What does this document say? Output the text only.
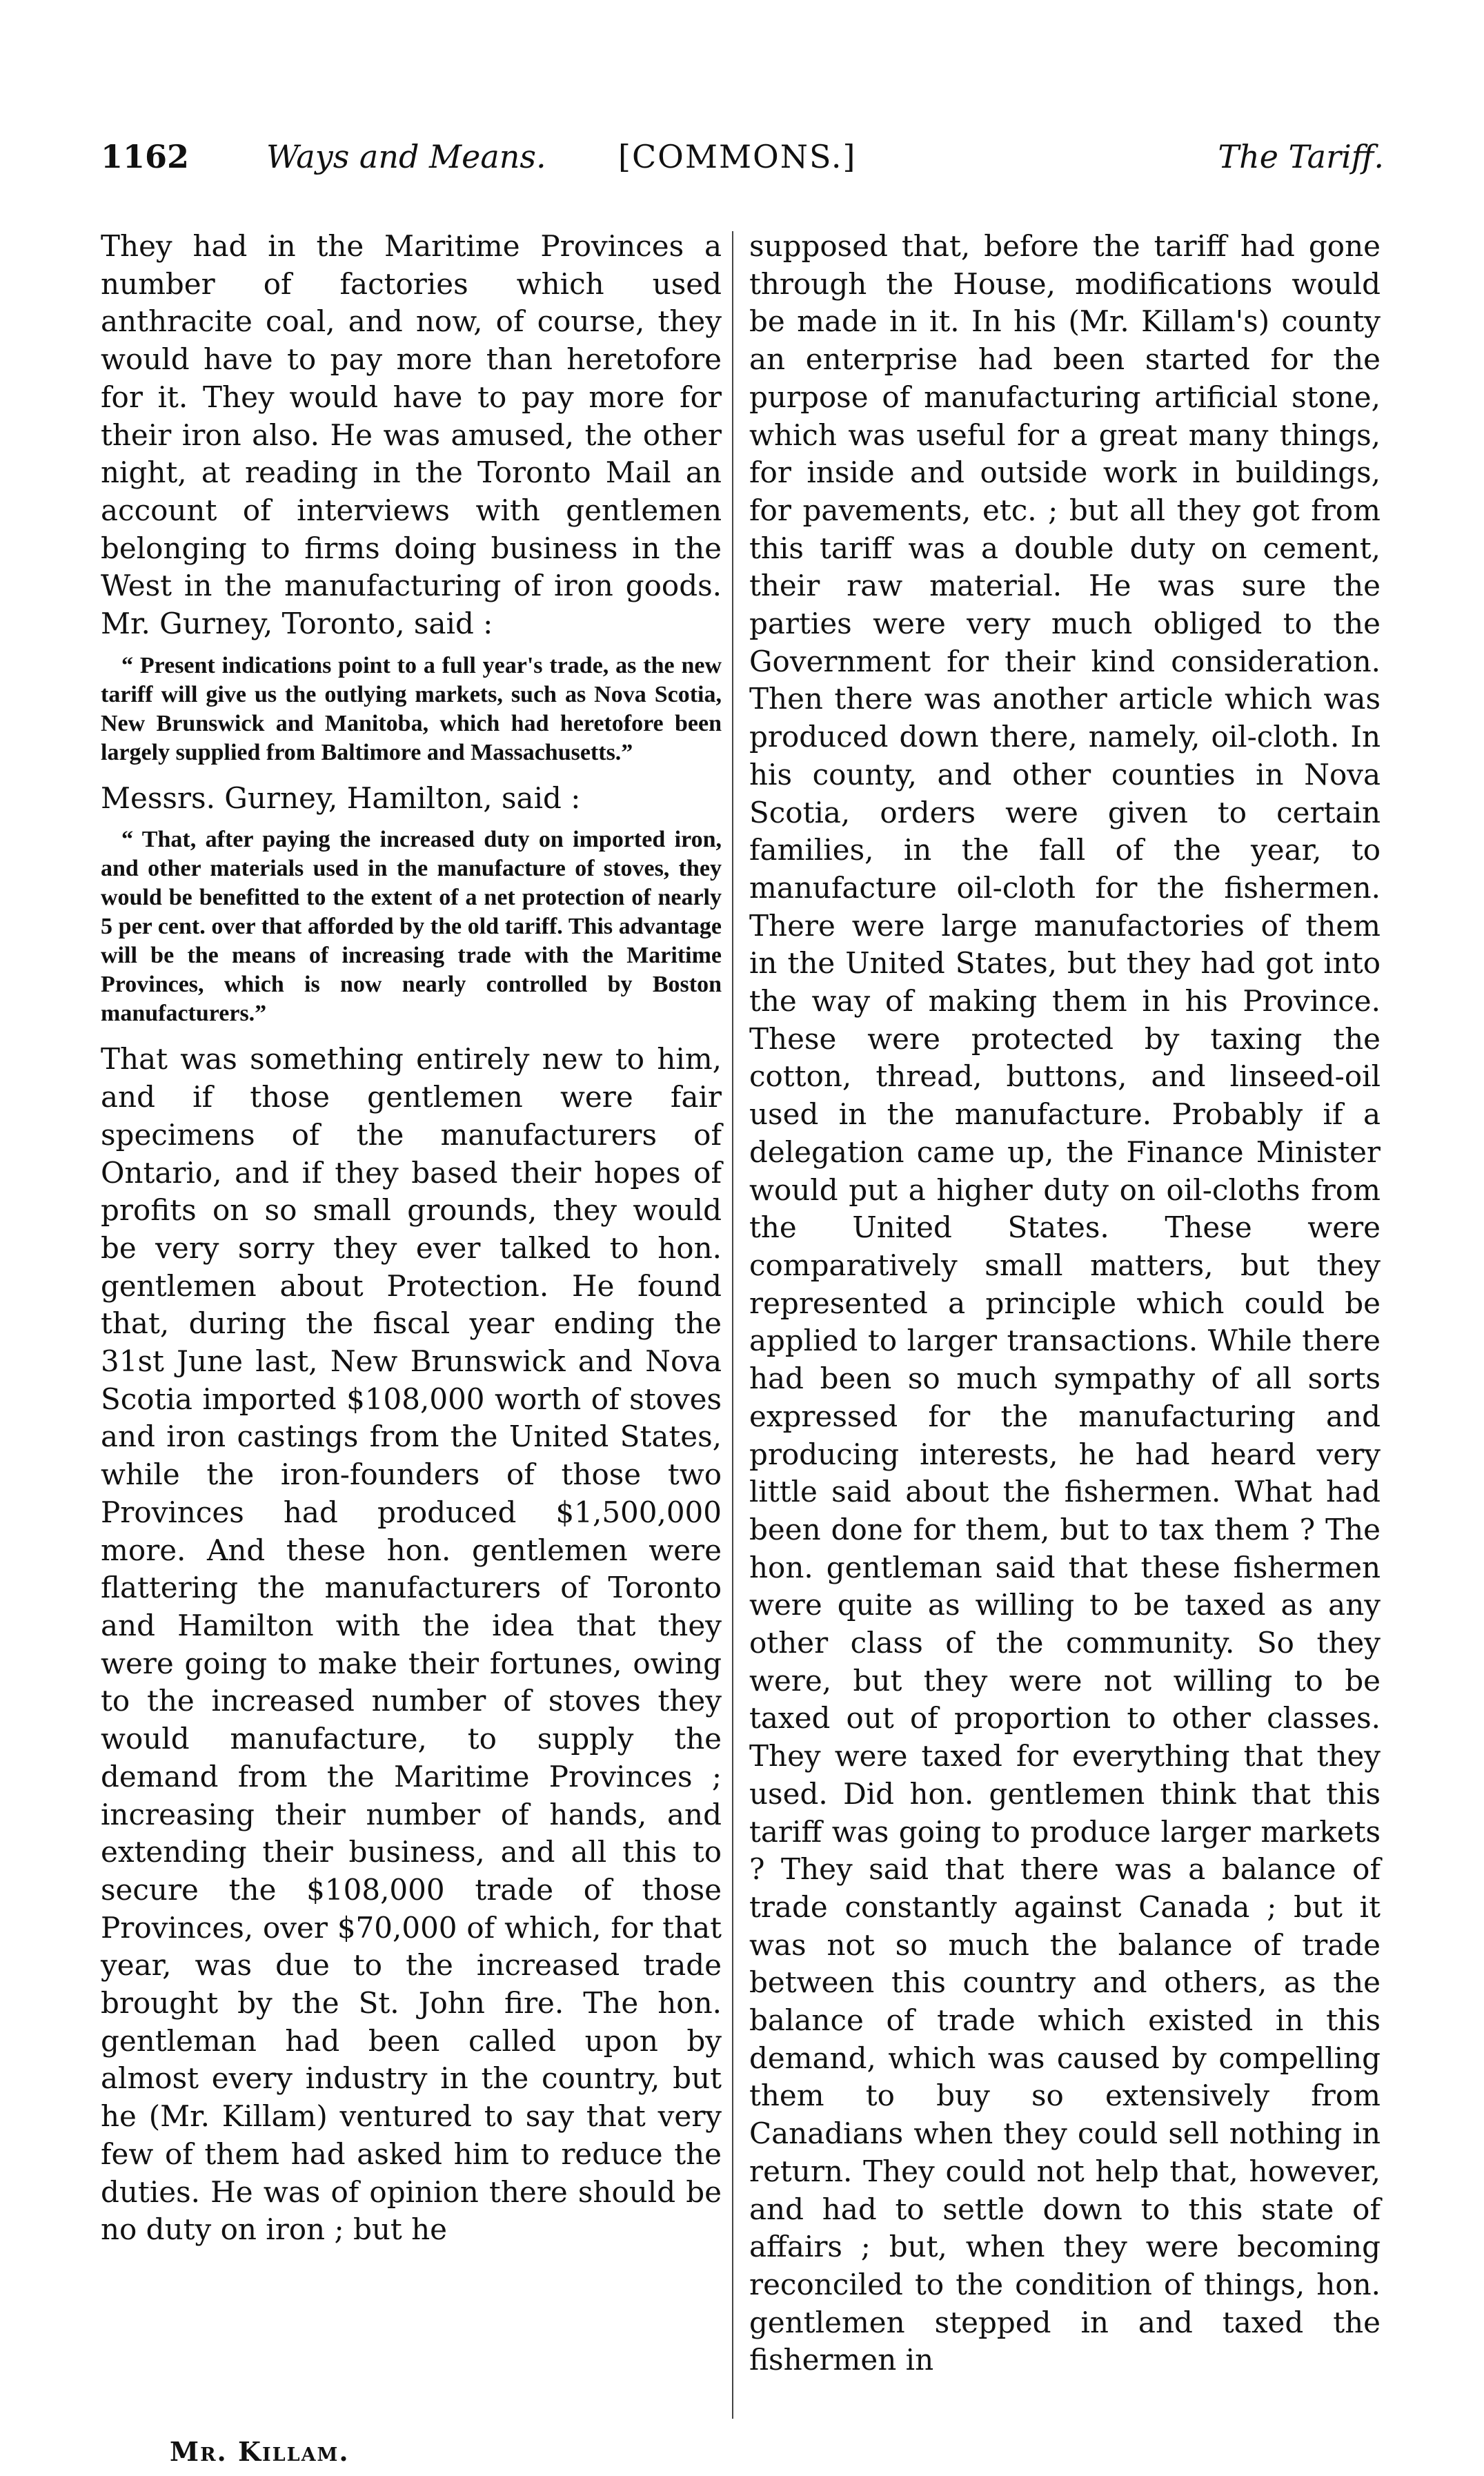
1162 Ways and Means. [COMMONS.]	The Tariff.

They had in the Maritime Provinces a number of factories which used anthracite coal, and now, of course, they would have to pay more than heretofore for it. They would have to pay more for their iron also. He was amused, the other night, at reading in the Toronto Mail an account of interviews with gentlemen belonging to firms doing business in the West in the manufacturing of iron goods. Mr. Gurney, Toronto, said :

“ Present indications point to a full year's trade, as the new tariff will give us the outlying markets, such as Nova Scotia, New Brunswick and Manitoba, which had heretofore been largely supplied from Baltimore and Massachusetts.”

Messrs. Gurney, Hamilton, said :

“ That, after paying the increased duty on imported iron, and other materials used in the manufacture of stoves, they would be benefitted to the extent of a net protection of nearly 5 per cent. over that afforded by the old tariff. This advantage will be the means of increasing trade with the Maritime Provinces, which is now nearly controlled by Boston manufacturers.”

That was something entirely new to him, and if those gentlemen were fair specimens of the manufacturers of Ontario, and if they based their hopes of profits on so small grounds, they would be very sorry they ever talked to hon. gentlemen about Protection. He found that, during the fiscal year ending the 31st June last, New Brunswick and Nova Scotia imported $108,000 worth of stoves and iron castings from the United States, while the iron-founders of those two Provinces had produced $1,500,000 more. And these hon. gentlemen were flattering the manufacturers of Toronto and Hamilton with the idea that they were going to make their fortunes, owing to the increased number of stoves they would manufacture, to supply the demand from the Maritime Provinces ; increasing their number of hands, and extending their business, and all this to secure the $108,000 trade of those Provinces, over $70,000 of which, for that year, was due to the increased trade brought by the St. John fire. The hon. gentleman had been called upon by almost every industry in the country, but he (Mr. Killam) ventured to say that very few of them had asked him to reduce the duties. He was of opinion there should be no duty on iron ; but he

supposed that, before the tariff had gone through the House, modifications would be made in it. In his (Mr. Killam's) county an enterprise had been started for the purpose of manufacturing artificial stone, which was useful for a great many things, for inside and outside work in buildings, for pavements, etc. ; but all they got from this tariff was a double duty on cement, their raw material. He was sure the parties were very much obliged to the Government for their kind consideration. Then there was another article which was produced down there, namely, oil-cloth. In his county, and other counties in Nova Scotia, orders were given to certain families, in the fall of the year, to manufacture oil-cloth for the fishermen. There were large manufactories of them in the United States, but they had got into the way of making them in his Province. These were protected by taxing the cotton, thread, buttons, and linseed-oil used in the manufacture. Probably if a delegation came up, the Finance Minister would put a higher duty on oil-cloths from the United States. These were comparatively small matters, but they represented a principle which could be applied to larger transactions. While there had been so much sympathy of all sorts expressed for the manufacturing and producing interests, he had heard very little said about the fishermen. What had been done for them, but to tax them ? The hon. gentleman said that these fishermen were quite as willing to be taxed as any other class of the community. So they were, but they were not willing to be taxed out of proportion to other classes. They were taxed for everything that they used. Did hon. gentlemen think that this tariff was going to produce larger markets ? They said that there was a balance of trade constantly against Canada ; but it was not so much the balance of trade between this country and others, as the balance of trade which existed in this demand, which was caused by compelling them to buy so extensively from Canadians when they could sell nothing in return. They could not help that, however, and had to settle down to this state of affairs ; but, when they were becoming reconciled to the condition of things, hon. gentlemen stepped in and taxed the fishermen in

Mr. Killam.
